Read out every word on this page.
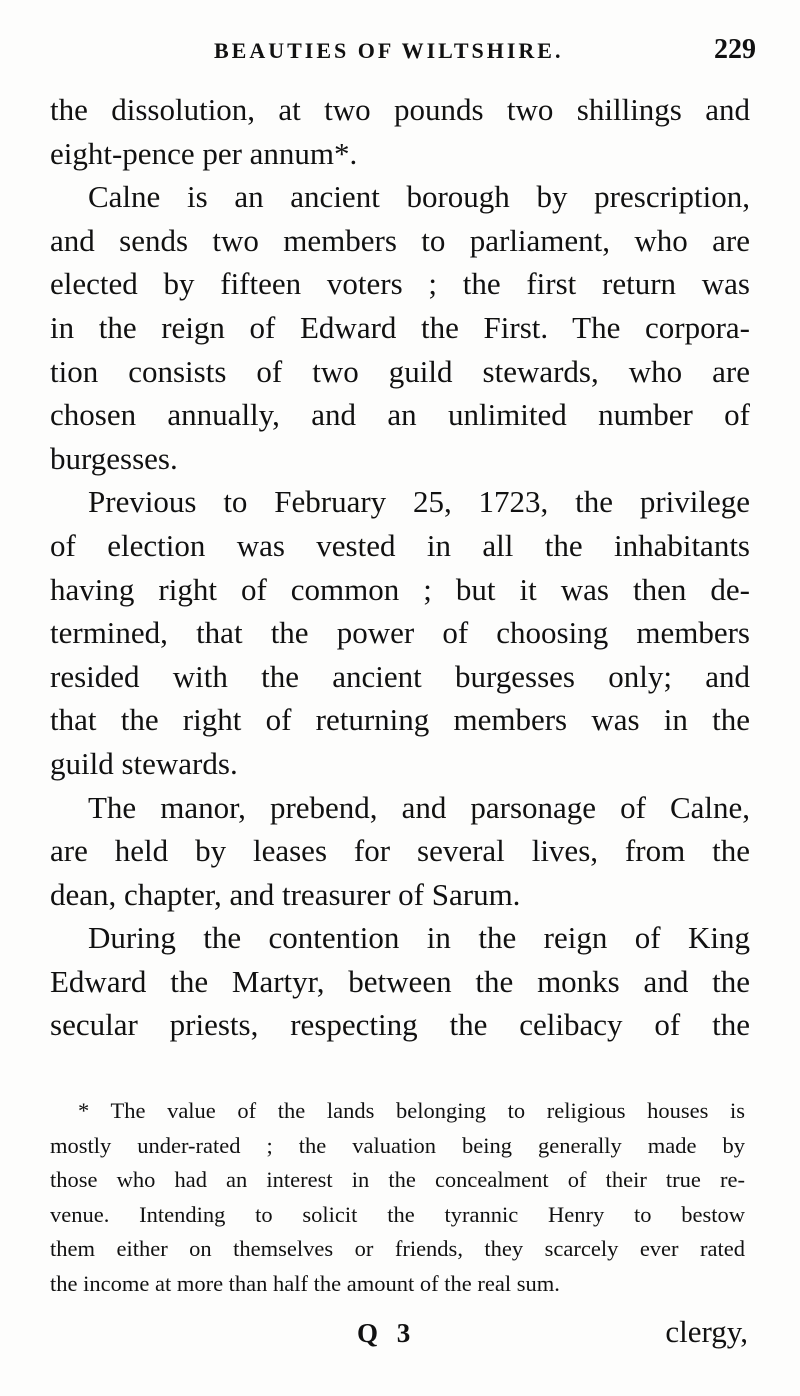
BEAUTIES OF WILTSHIRE.	229
the dissolution, at two pounds two shillings and
eight-pence per annum*.
Calne is an ancient borough by prescription,
and sends two members to parliament, who are
elected by fifteen voters ; the first return was
in the reign of Edward the First. The corpora-
tion consists of two guild stewards, who are
chosen annually, and an unlimited number of
burgesses.
Previous to February 25, 1723, the privilege
of election was vested in all the inhabitants
having right of common ; but it was then de-
termined, that the power of choosing members
resided with the ancient burgesses only; and
that the right of returning members was in the
guild stewards.
The manor, prebend, and parsonage of Calne,
are held by leases for several lives, from the
dean, chapter, and treasurer of Sarum.
During the contention in the reign of King
Edward the Martyr, between the monks and the
secular priests, respecting the celibacy of the
* The value of the lands belonging to religious houses is
mostly under-rated ; the valuation being generally made by
those who had an interest in the concealment of their true re-
venue. Intending to solicit the tyrannic Henry to bestow
them either on themselves or friends, they scarcely ever rated
the income at more than half the amount of the real sum.
Q 3	clergy,
